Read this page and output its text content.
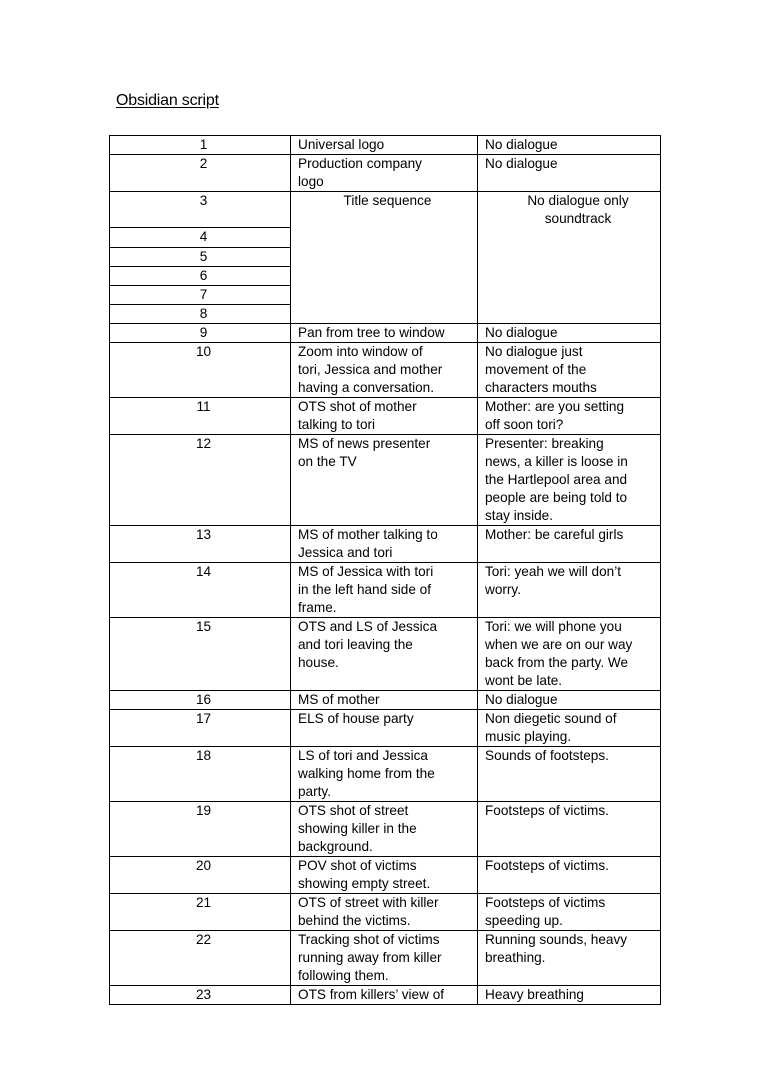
Obsidian script
1	Universal logo	No dialogue
2	Production company
logo	No dialogue
3	Title sequence	No dialogue only
soundtrack
4		
5		
6		
7		
8		
9	Pan from tree to window	No dialogue
10	Zoom into window of
tori, Jessica and mother
having a conversation.	No dialogue just
movement of the
characters mouths
11	OTS shot of mother
talking to tori	Mother: are you setting
off soon tori?
12	MS of news presenter
on the TV	Presenter: breaking
news, a killer is loose in
the Hartlepool area and
people are being told to
stay inside.
13	MS of mother talking to
Jessica and tori	Mother: be careful girls
14	MS of Jessica with tori
in the left hand side of
frame.	Tori: yeah we will don’t
worry.
15	OTS and LS of Jessica
and tori leaving the
house.	Tori: we will phone you
when we are on our way
back from the party. We
wont be late.
16	MS of mother	No dialogue
17	ELS of house party	Non diegetic sound of
music playing.
18	LS of tori and Jessica
walking home from the
party.	Sounds of footsteps.
19	OTS shot of street
showing killer in the
background.	Footsteps of victims.
20	POV shot of victims
showing empty street.	Footsteps of victims.
21	OTS of street with killer
behind the victims.	Footsteps of victims
speeding up.
22	Tracking shot of victims
running away from killer
following them.	Running sounds, heavy
breathing.
23	OTS from killers’ view of	Heavy breathing
